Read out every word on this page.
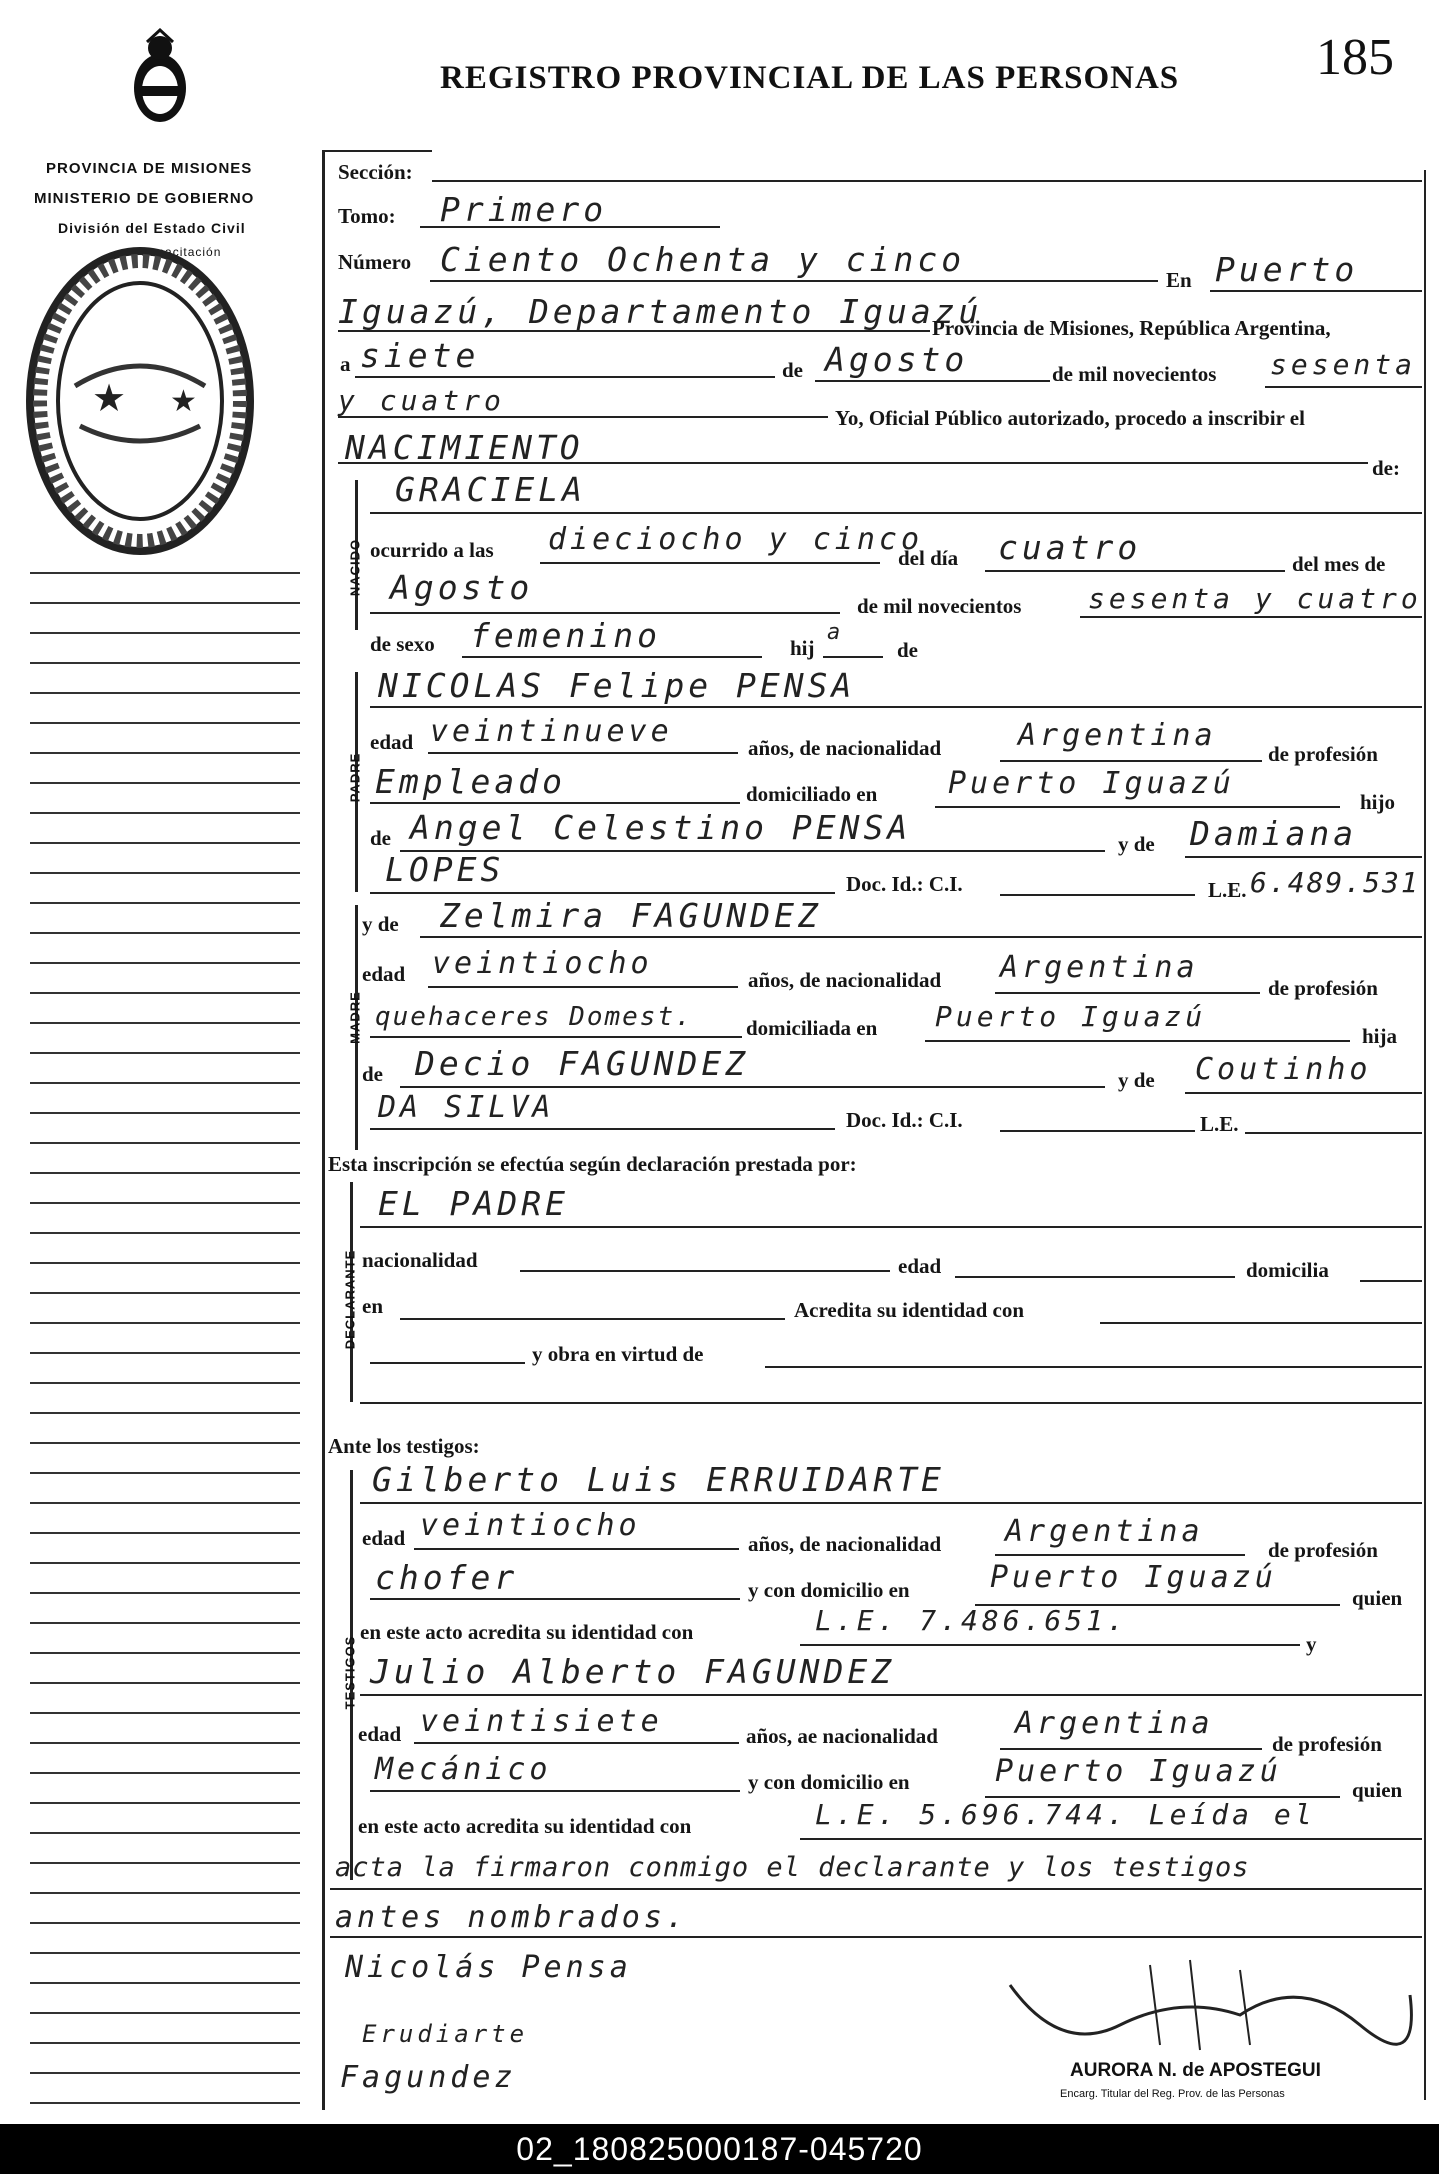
PROVINCIA DE MISIONES
MINISTERIO DE GOBIERNO
División del Estado Civil
Capacitación
★ ★
REGISTRO PROVINCIAL DE LAS PERSONAS	185
Sección:
Tomo: Primero
Número Ciento Ochenta y cinco
En Puerto
Iguazú, Departamento Iguazú
Provincia de Misiones, República Argentina,
a siete	de Agosto	de mil novecientos sesenta
y cuatro
Yo, Oficial Público autorizado, procedo a inscribir el
NACIMIENTO
de:
NACIDO
GRACIELA
ocurrido a las dieciocho y cinco
del día cuatro	del mes de
Agosto	de mil novecientos sesenta y cuatro
de sexo femenino	hij
a
de
PADRE
NICOLAS Felipe PENSA
edad veintinueve	años, de nacionalidad	Argentina
de profesión
Empleado	domiciliado en Puerto Iguazú
hijo
de Angel Celestino PENSA	y de Damiana
LOPES	Doc. Id.: C.I.	L.E. 6.489.531
MADRE
y de Zelmira FAGUNDEZ
edad veintiocho	años, de nacionalidad Argentina
de profesión
quehaceres Domest.	domiciliada en Puerto Iguazú
hija
de Decio FAGUNDEZ	y de Coutinho
DA SILVA	Doc. Id.: C.I.	L.E.
Esta inscripción se efectúa según declaración prestada por:
DECLARANTE
EL PADRE
nacionalidad	edad	domicilia
en	Acredita su identidad con
y obra en virtud de
Ante los testigos:
TESTIGOS
Gilberto Luis ERRUIDARTE
edad veintiocho
años, de nacionalidad Argentina
de profesión
chofer	y con domicilio en	Puerto Iguazú
quien
en este acto acredita su identidad con	L.E. 7.486.651.
y
Julio Alberto FAGUNDEZ
edad veintisiete	años, ae nacionalidad	Argentina
de profesión
Mecánico	y con domicilio en	Puerto Iguazú
quien
en este acto acredita su identidad con	L.E. 5.696.744. Leída el
acta la firmaron conmigo el declarante y los testigos
antes nombrados.
Nicolás Pensa
Erudiarte
Fagundez	AURORA N. de APOSTEGUI
Encarg. Titular del Reg. Prov. de las Personas
02_180825000187-045720
